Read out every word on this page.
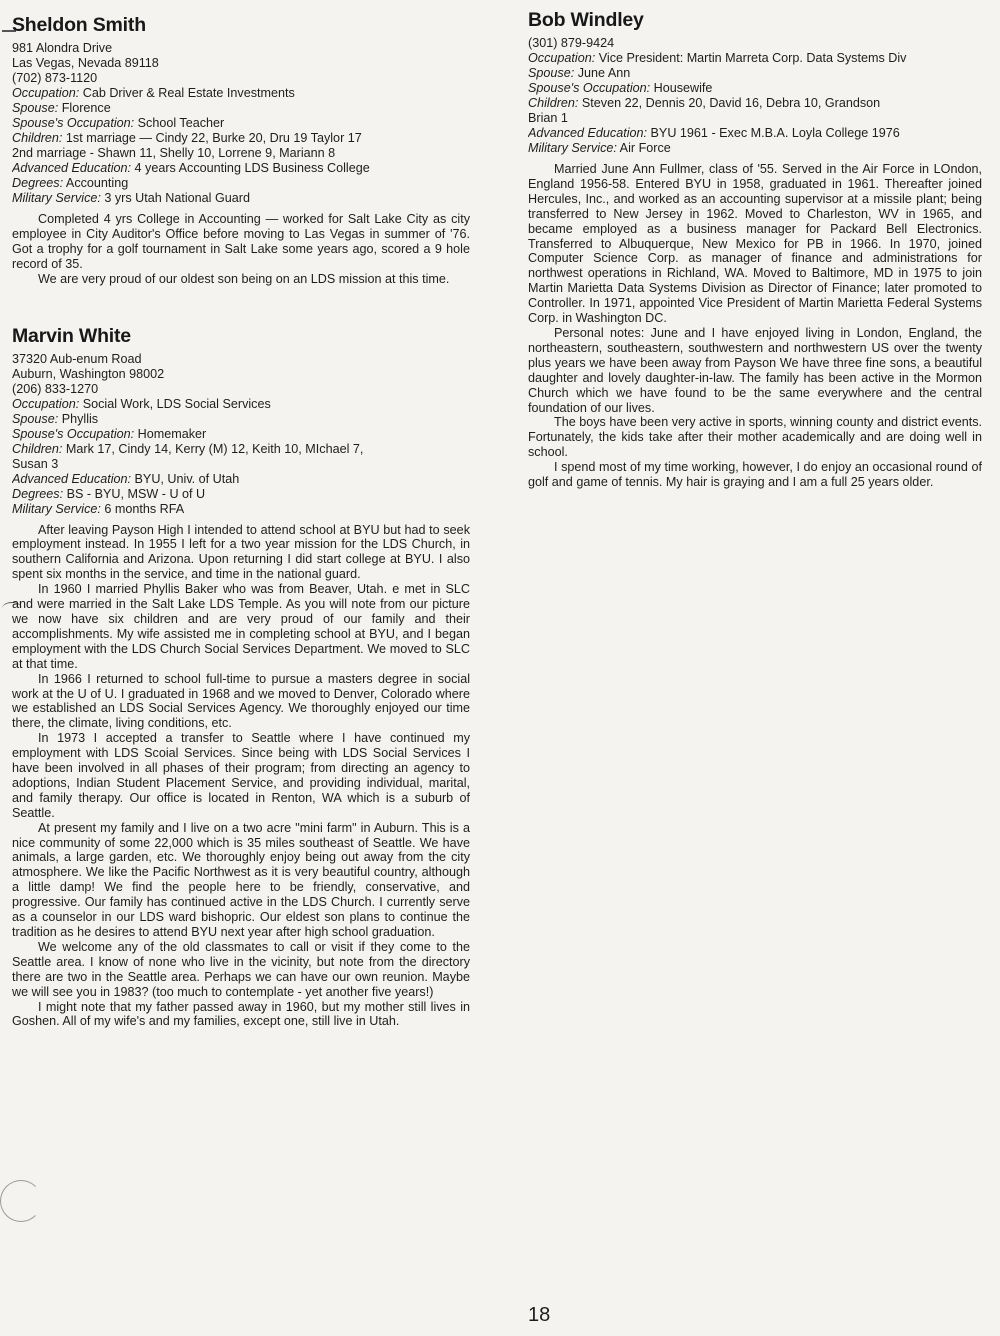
Sheldon Smith
981 Alondra Drive
Las Vegas, Nevada 89118
(702) 873-1120
Occupation: Cab Driver & Real Estate Investments
Spouse: Florence
Spouse's Occupation: School Teacher
Children: 1st marriage — Cindy 22, Burke 20, Dru 19 Taylor 17
2nd marriage - Shawn 11, Shelly 10, Lorrene 9, Mariann 8
Advanced Education: 4 years Accounting LDS Business College
Degrees: Accounting
Military Service: 3 yrs Utah National Guard

Completed 4 yrs College in Accounting — worked for Salt Lake City as city employee in City Auditor's Office before moving to Las Vegas in summer of '76. Got a trophy for a golf tournament in Salt Lake some years ago, scored a 9 hole record of 35.

We are very proud of our oldest son being on an LDS mission at this time.

Marvin White
37320 Aub-enum Road
Auburn, Washington 98002
(206) 833-1270
Occupation: Social Work, LDS Social Services
Spouse: Phyllis
Spouse's Occupation: Homemaker
Children: Mark 17, Cindy 14, Kerry (M) 12, Keith 10, MIchael 7,
Susan 3
Advanced Education: BYU, Univ. of Utah
Degrees: BS - BYU, MSW - U of U
Military Service: 6 months RFA

After leaving Payson High I intended to attend school at BYU but had to seek employment instead. In 1955 I left for a two year mission for the LDS Church, in southern California and Arizona. Upon returning I did start college at BYU. I also spent six months in the service, and time in the national guard.

In 1960 I married Phyllis Baker who was from Beaver, Utah. e met in SLC and were married in the Salt Lake LDS Temple. As you will note from our picture we now have six children and are very proud of our family and their accomplishments. My wife assisted me in completing school at BYU, and I began employment with the LDS Church Social Services Department. We moved to SLC at that time.

In 1966 I returned to school full-time to pursue a masters degree in social work at the U of U. I graduated in 1968 and we moved to Denver, Colorado where we established an LDS Social Services Agency. We thoroughly enjoyed our time there, the climate, living conditions, etc.

In 1973 I accepted a transfer to Seattle where I have continued my employment with LDS Scoial Services. Since being with LDS Social Services I have been involved in all phases of their program; from directing an agency to adoptions, Indian Student Placement Service, and providing individual, marital, and family therapy. Our office is located in Renton, WA which is a suburb of Seattle.

At present my family and I live on a two acre "mini farm" in Auburn. This is a nice community of some 22,000 which is 35 miles southeast of Seattle. We have animals, a large garden, etc. We thoroughly enjoy being out away from the city atmosphere. We like the Pacific Northwest as it is very beautiful country, although a little damp! We find the people here to be friendly, conservative, and progressive. Our family has continued active in the LDS Church. I currently serve as a counselor in our LDS ward bishopric. Our eldest son plans to continue the tradition as he desires to attend BYU next year after high school graduation.

We welcome any of the old classmates to call or visit if they come to the Seattle area. I know of none who live in the vicinity, but note from the directory there are two in the Seattle area. Perhaps we can have our own reunion. Maybe we will see you in 1983? (too much to contemplate - yet another five years!)

I might note that my father passed away in 1960, but my mother still lives in Goshen. All of my wife's and my families, except one, still live in Utah.

Bob Windley
(301) 879-9424
Occupation: Vice President: Martin Marreta Corp. Data Systems Div
Spouse: June Ann
Spouse's Occupation: Housewife
Children: Steven 22, Dennis 20, David 16, Debra 10, Grandson
Brian 1
Advanced Education: BYU 1961 - Exec M.B.A. Loyla College 1976
Military Service: Air Force

Married June Ann Fullmer, class of '55. Served in the Air Force in LOndon, England 1956-58. Entered BYU in 1958, graduated in 1961. Thereafter joined Hercules, Inc., and worked as an accounting supervisor at a missile plant; being transferred to New Jersey in 1962. Moved to Charleston, WV in 1965, and became employed as a business manager for Packard Bell Electronics. Transferred to Albuquerque, New Mexico for PB in 1966. In 1970, joined Computer Science Corp. as manager of finance and administrations for northwest operations in Richland, WA. Moved to Baltimore, MD in 1975 to join Martin Marietta Data Systems Division as Director of Finance; later promoted to Controller. In 1971, appointed Vice President of Martin Marietta Federal Systems Corp. in Washington DC.

Personal notes: June and I have enjoyed living in London, England, the northeastern, southeastern, southwestern and northwestern US over the twenty plus years we have been away from Payson We have three fine sons, a beautiful daughter and lovely daughter-in-law. The family has been active in the Mormon Church which we have found to be the same everywhere and the central foundation of our lives.

The boys have been very active in sports, winning county and district events. Fortunately, the kids take after their mother academically and are doing well in school.

I spend most of my time working, however, I do enjoy an occasional round of golf and game of tennis. My hair is graying and I am a full 25 years older.

18
